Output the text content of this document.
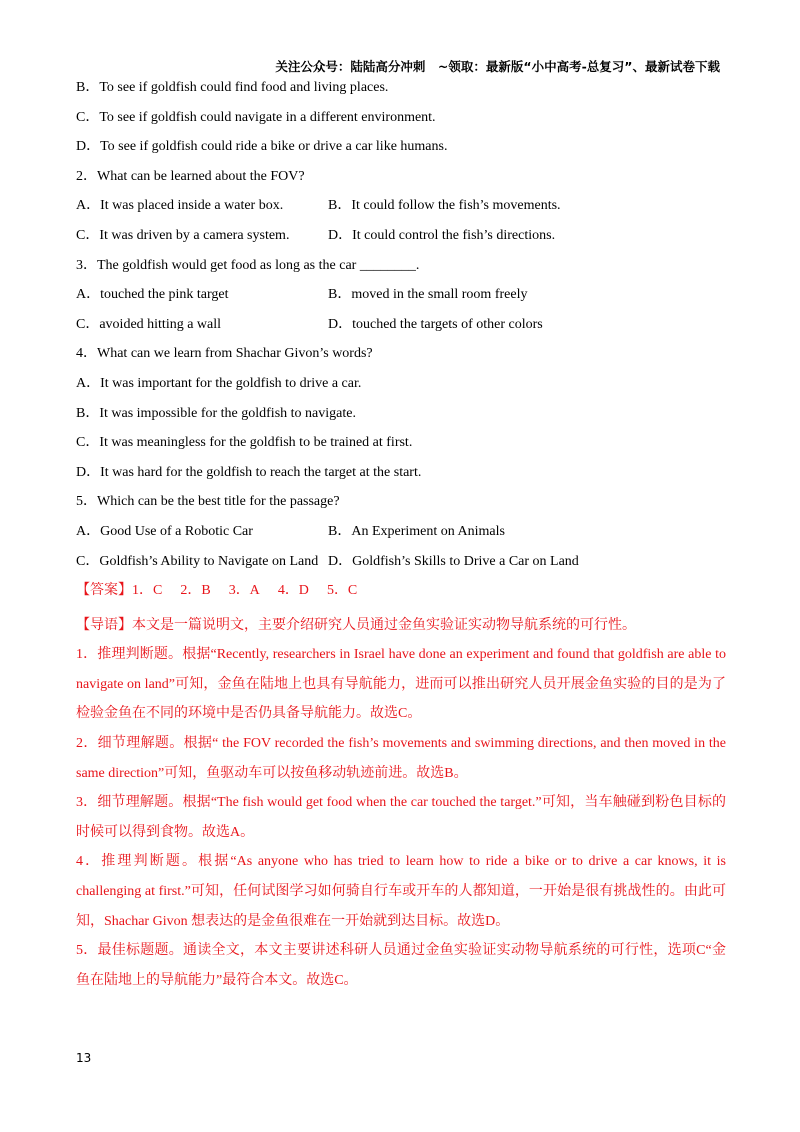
关注公众号：陆陆高分冲刺　~领取：最新版“小中高考-总复习”、最新试卷下载
B．To see if goldfish could find food and living places.
C．To see if goldfish could navigate in a different environment.
D．To see if goldfish could ride a bike or drive a car like humans.
2．What can be learned about the FOV?
A．It was placed inside a water box.	B．It could follow the fish’s movements.
C．It was driven by a camera system.	D．It could control the fish’s directions.
3．The goldfish would get food as long as the car ________.
A．touched the pink target	B．moved in the small room freely
C．avoided hitting a wall	D．touched the targets of other colors
4．What can we learn from Shachar Givon’s words?
A．It was important for the goldfish to drive a car.
B．It was impossible for the goldfish to navigate.
C．It was meaningless for the goldfish to be trained at first.
D．It was hard for the goldfish to reach the target at the start.
5．Which can be the best title for the passage?
A．Good Use of a Robotic Car	B．An Experiment on Animals
C．Goldfish’s Ability to Navigate on Land D．Goldfish’s Skills to Drive a Car on Land
【答案】1．C 2．B 3．A 4．D 5．C

【导语】本文是一篇说明文，主要介绍研究人员通过金鱼实验证实动物导航系统的可行性。

1．推理判断题。根据“Recently, researchers in Israel have done an experiment and found that goldfish are able to navigate on land”可知，金鱼在陆地上也具有导航能力，进而可以推出研究人员开展金鱼实验的目的是为了检验金鱼在不同的环境中是否仍具备导航能力。故选C。

2．细节理解题。根据“ the FOV recorded the fish’s movements and swimming directions, and then moved in the same direction”可知，鱼驱动车可以按鱼移动轨迹前进。故选B。

3．细节理解题。根据“The fish would get food when the car touched the target.”可知，当车触碰到粉色目标的时候可以得到食物。故选A。

4．推理判断题。根据“As anyone who has tried to learn how to ride a bike or to drive a car knows, it is challenging at first.”可知，任何试图学习如何骑自行车或开车的人都知道，一开始是很有挑战性的。由此可知，Shachar Givon 想表达的是金鱼很难在一开始就到达目标。故选D。

5．最佳标题题。通读全文，本文主要讲述科研人员通过金鱼实验证实动物导航系统的可行性，选项C“金鱼在陆地上的导航能力”最符合本文。故选C。

13
